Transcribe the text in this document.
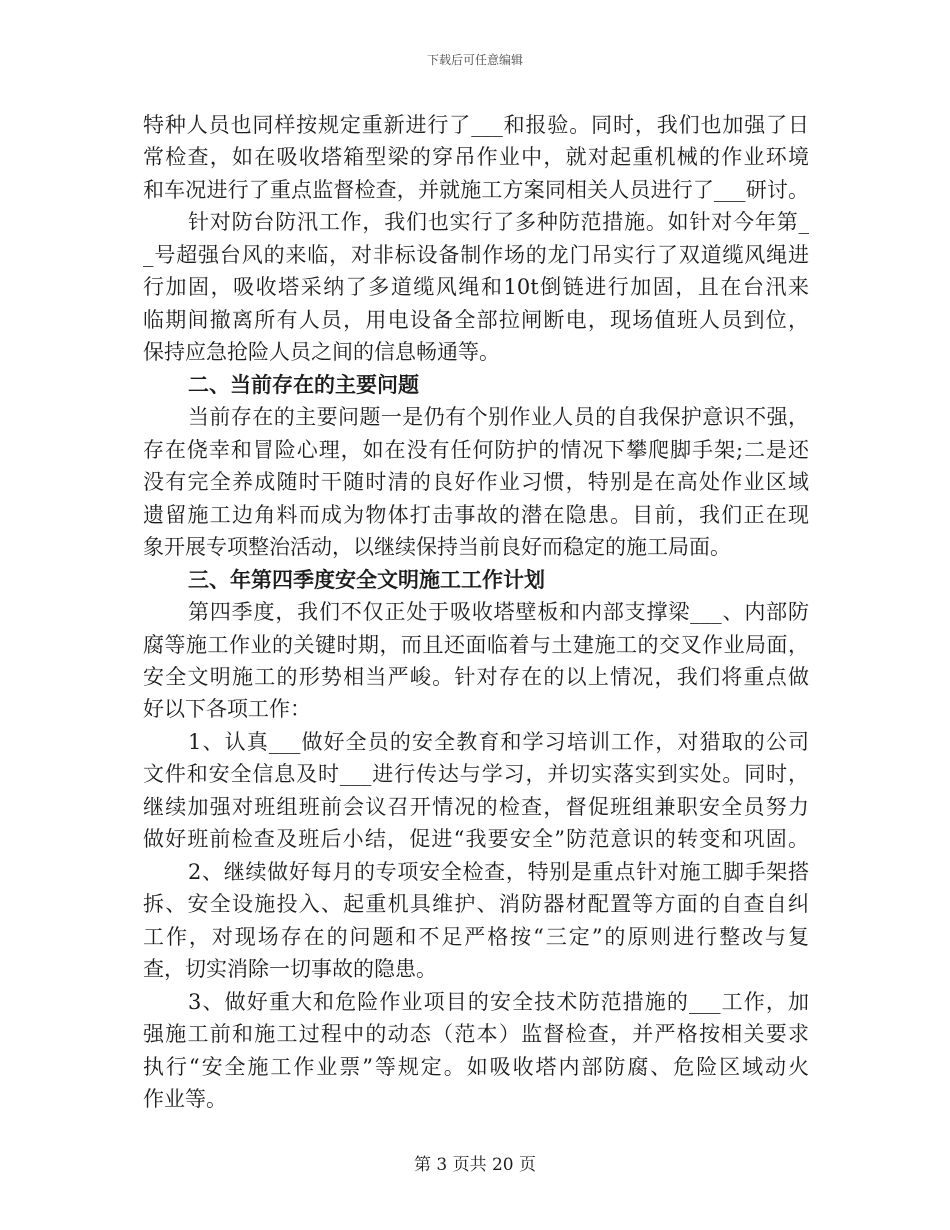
下载后可任意编辑
特种人员也同样按规定重新进行了___和报验。同时，我们也加强了日
常检查，如在吸收塔箱型梁的穿吊作业中，就对起重机械的作业环境
和车况进行了重点监督检查，并就施工方案同相关人员进行了___研讨。
针对防台防汛工作，我们也实行了多种防范措施。如针对今年第_
_号超强台风的来临，对非标设备制作场的龙门吊实行了双道缆风绳进
行加固，吸收塔采纳了多道缆风绳和10t倒链进行加固，且在台汛来
临期间撤离所有人员，用电设备全部拉闸断电，现场值班人员到位，
保持应急抢险人员之间的信息畅通等。
二、当前存在的主要问题
当前存在的主要问题一是仍有个别作业人员的自我保护意识不强，
存在侥幸和冒险心理，如在没有任何防护的情况下攀爬脚手架;二是还
没有完全养成随时干随时清的良好作业习惯，特别是在高处作业区域
遗留施工边角料而成为物体打击事故的潜在隐患。目前，我们正在现
象开展专项整治活动，以继续保持当前良好而稳定的施工局面。
三、年第四季度安全文明施工工作计划
第四季度，我们不仅正处于吸收塔壁板和内部支撑梁___、内部防
腐等施工作业的关键时期，而且还面临着与土建施工的交叉作业局面，
安全文明施工的形势相当严峻。针对存在的以上情况，我们将重点做
好以下各项工作：
1、认真___做好全员的安全教育和学习培训工作，对猎取的公司
文件和安全信息及时___进行传达与学习，并切实落实到实处。同时，
继续加强对班组班前会议召开情况的检查，督促班组兼职安全员努力
做好班前检查及班后小结，促进“我要安全”防范意识的转变和巩固。
2、继续做好每月的专项安全检查，特别是重点针对施工脚手架搭
拆、安全设施投入、起重机具维护、消防器材配置等方面的自查自纠
工作，对现场存在的问题和不足严格按“三定”的原则进行整改与复
查，切实消除一切事故的隐患。
3、做好重大和危险作业项目的安全技术防范措施的___工作，加
强施工前和施工过程中的动态（范本）监督检查，并严格按相关要求
执行“安全施工作业票”等规定。如吸收塔内部防腐、危险区域动火
作业等。
第 3 页共 20 页
